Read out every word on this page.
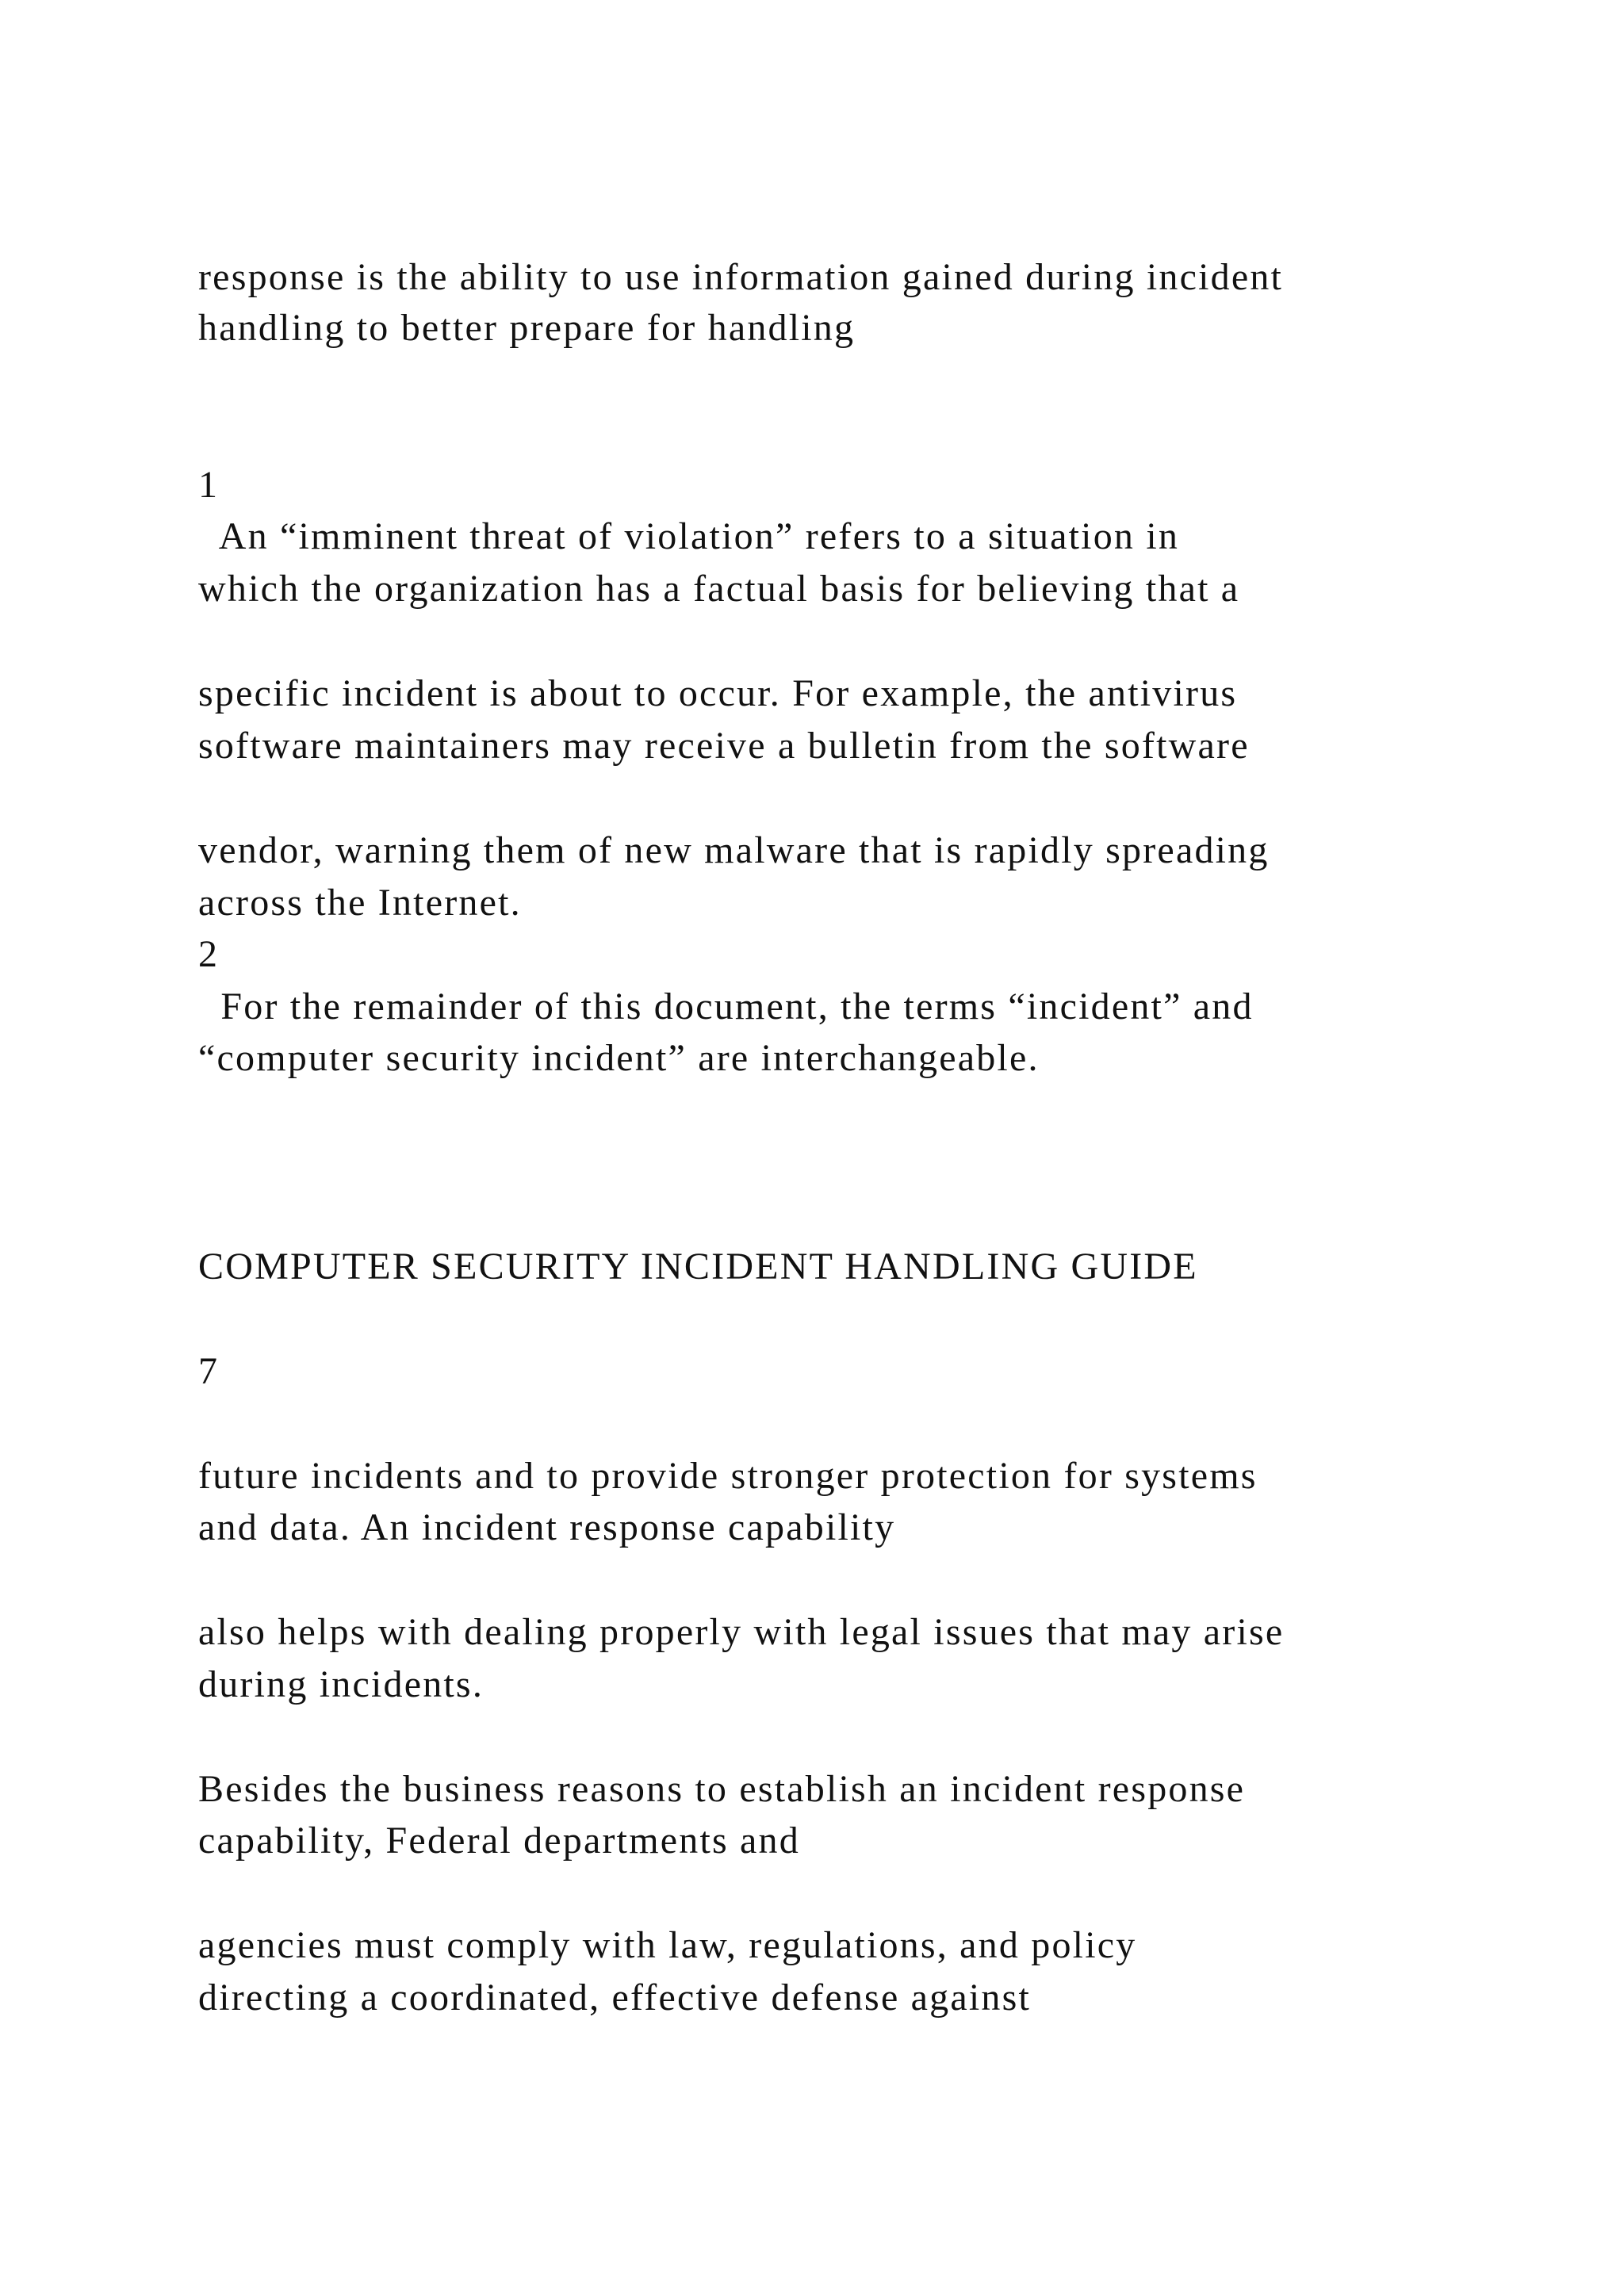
response is the ability to use information gained during incident

handling to better prepare for handling

1

An “imminent threat of violation” refers to a situation in

which the organization has a factual basis for believing that a

specific incident is about to occur. For example, the antivirus

software maintainers may receive a bulletin from the software

vendor, warning them of new malware that is rapidly spreading

across the Internet.

2

For the remainder of this document, the terms “incident” and

“computer security incident” are interchangeable.

COMPUTER SECURITY INCIDENT HANDLING GUIDE

7

future incidents and to provide stronger protection for systems

and data. An incident response capability

also helps with dealing properly with legal issues that may arise

during incidents.

Besides the business reasons to establish an incident response

capability, Federal departments and

agencies must comply with law, regulations, and policy

directing a coordinated, effective defense against
